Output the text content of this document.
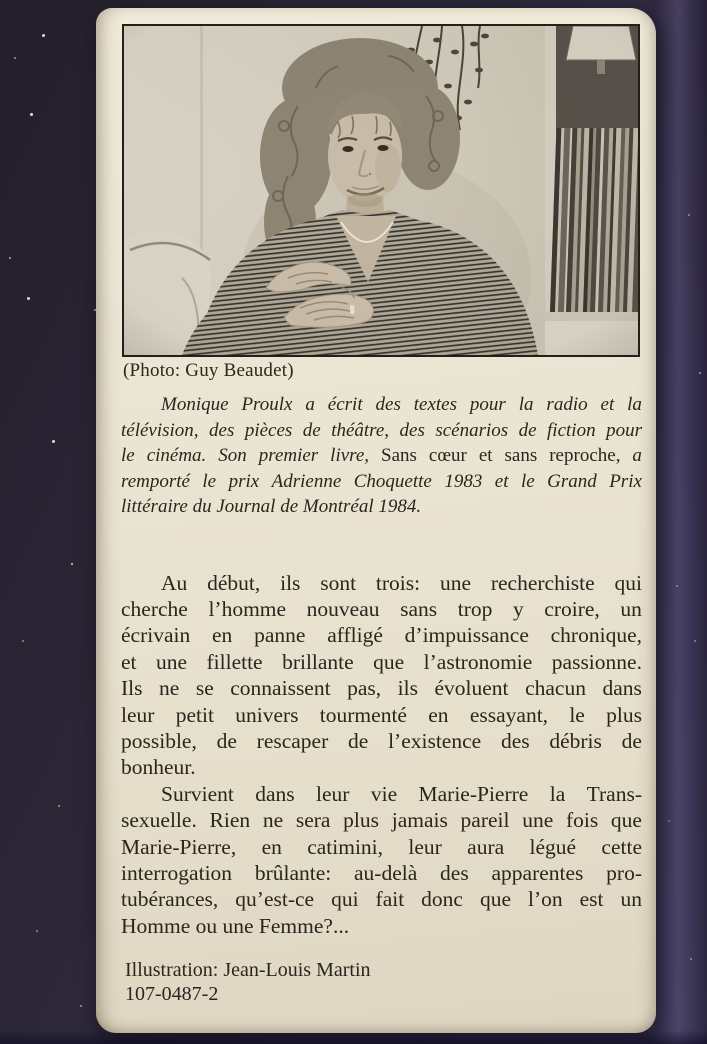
(Photo: Guy Beaudet)
Monique Proulx a écrit des textes pour la radio et la
télévision, des pièces de théâtre, des scénarios de fiction pour
le cinéma. Son premier livre, Sans cœur et sans reproche, a
remporté le prix Adrienne Choquette 1983 et le Grand Prix
littéraire du Journal de Montréal 1984.
Au début, ils sont trois: une recherchiste qui
cherche l’homme nouveau sans trop y croire, un
écrivain en panne affligé d’impuissance chronique,
et une fillette brillante que l’astronomie passionne.
Ils ne se connaissent pas, ils évoluent chacun dans
leur petit univers tourmenté en essayant, le plus
possible, de rescaper de l’existence des débris de
bonheur.
Survient dans leur vie Marie-Pierre la Trans-
sexuelle. Rien ne sera plus jamais pareil une fois que
Marie-Pierre, en catimini, leur aura légué cette
interrogation brûlante: au-delà des apparentes pro-
tubérances, qu’est-ce qui fait donc que l’on est un
Homme ou une Femme?...
Illustration: Jean-Louis Martin
107-0487-2
